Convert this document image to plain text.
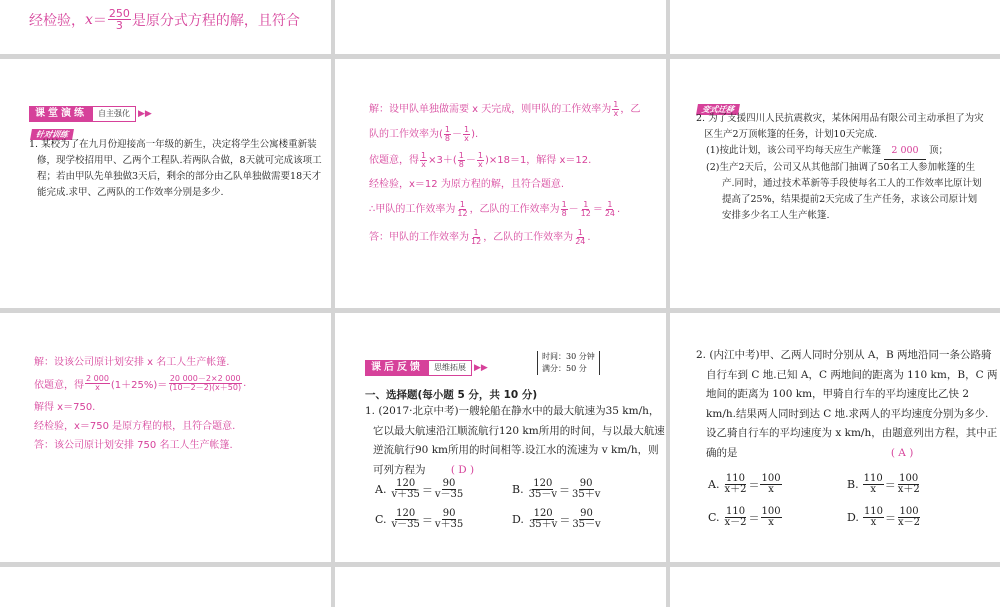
经检验， $x = \frac{250}{3}$ 是原分式方程的解，且符合
课堂演练	自主强化 ▶▶
针对训练
1. 某校为了在九月份迎接高一年级的新生，决定将学生公寓楼重新装修，现学校招用甲、乙两个工程队.若两队合做，8天就可完成该项工程；若由甲队先单独做3天后，剩余的部分由乙队单独做需要18天才能完成.求甲、乙两队的工作效率分别是多少.
解：设甲队单独做需要 x 天完成，则甲队的工作效率为 $\frac{1}{x}$ ，乙
队的工作效率为( $\frac{1}{8} - \frac{1}{x}$ ).
依题意，得 $\frac{1}{x} \times 3+( \frac{1}{8} - \frac{1}{x} )\times 18=1$，解得 x＝12.
经检验，x＝12 为原方程的解，且符合题意.
∴甲队的工作效率为 $\frac{1}{12}$ ，乙队的工作效率为 $\frac{1}{8} - \frac{1}{12} = \frac{1}{24}$ .
答：甲队的工作效率为 $\frac{1}{12}$ ，乙队的工作效率为 $\frac{1}{24}$ .
变式迁移
2. 为了支援四川人民抗震救灾，某休闲用品有限公司主动承担了为灾区生产2万顶帐篷的任务，计划10天完成.
(1)按此计划，该公司平均每天应生产帐篷 2 000 顶；
(2)生产2天后，公司又从其他部门抽调了50名工人参加帐篷的生产.同时，通过技术革新等手段使每名工人的工作效率比原计划提高了25%，结果提前2天完成了生产任务，求该公司原计划安排多少名工人生产帐篷.
解：设该公司原计划安排 x 名工人生产帐篷.
依题意，得 $\frac{2 000}{x} (1+25\%)= \frac{20 000-2\times 2 000}{(10-2-2)(x+50)}$ .
解得 x＝750.
经检验，x＝750 是原方程的根，且符合题意.
答：该公司原计划安排 750 名工人生产帐篷.
课后反馈	思维拓展 ▶▶
时间：30 分钟
满分：50 分
一、选择题(每小题 5 分，共 10 分)
1. (2017·北京中考)一艘轮船在静水中的最大航速为35 km/h，它以最大航速沿江顺流航行120 km所用的时间，与以最大航速逆流航行90 km所用的时间相等.设江水的流速为 v km/h，则可列方程为 ( D )
A. $\frac{120}{v+35} = \frac{90}{v-35}$	B. $\frac{120}{35-v} = \frac{90}{35+v}$
C. $\frac{120}{v-35} = \frac{90}{v+35}$	D. $\frac{120}{35+v} = \frac{90}{35-v}$
2. (内江中考)甲、乙两人同时分别从 A，B 两地沿同一条公路骑自行车到 C 地.已知 A，C 两地间的距离为 110 km，B，C 两地间的距离为 100 km，甲骑自行车的平均速度比乙快 2 km/h.结果两人同时到达 C 地.求两人的平均速度分别为多少.设乙骑自行车的平均速度为 x km/h，由题意列出方程，其中正确的是	( A )
A. $\frac{110}{x+2} = \frac{100}{x}$	B. $\frac{110}{x} = \frac{100}{x+2}$
C. $\frac{110}{x-2} = \frac{100}{x}$	D. $\frac{110}{x} = \frac{100}{x-2}$
